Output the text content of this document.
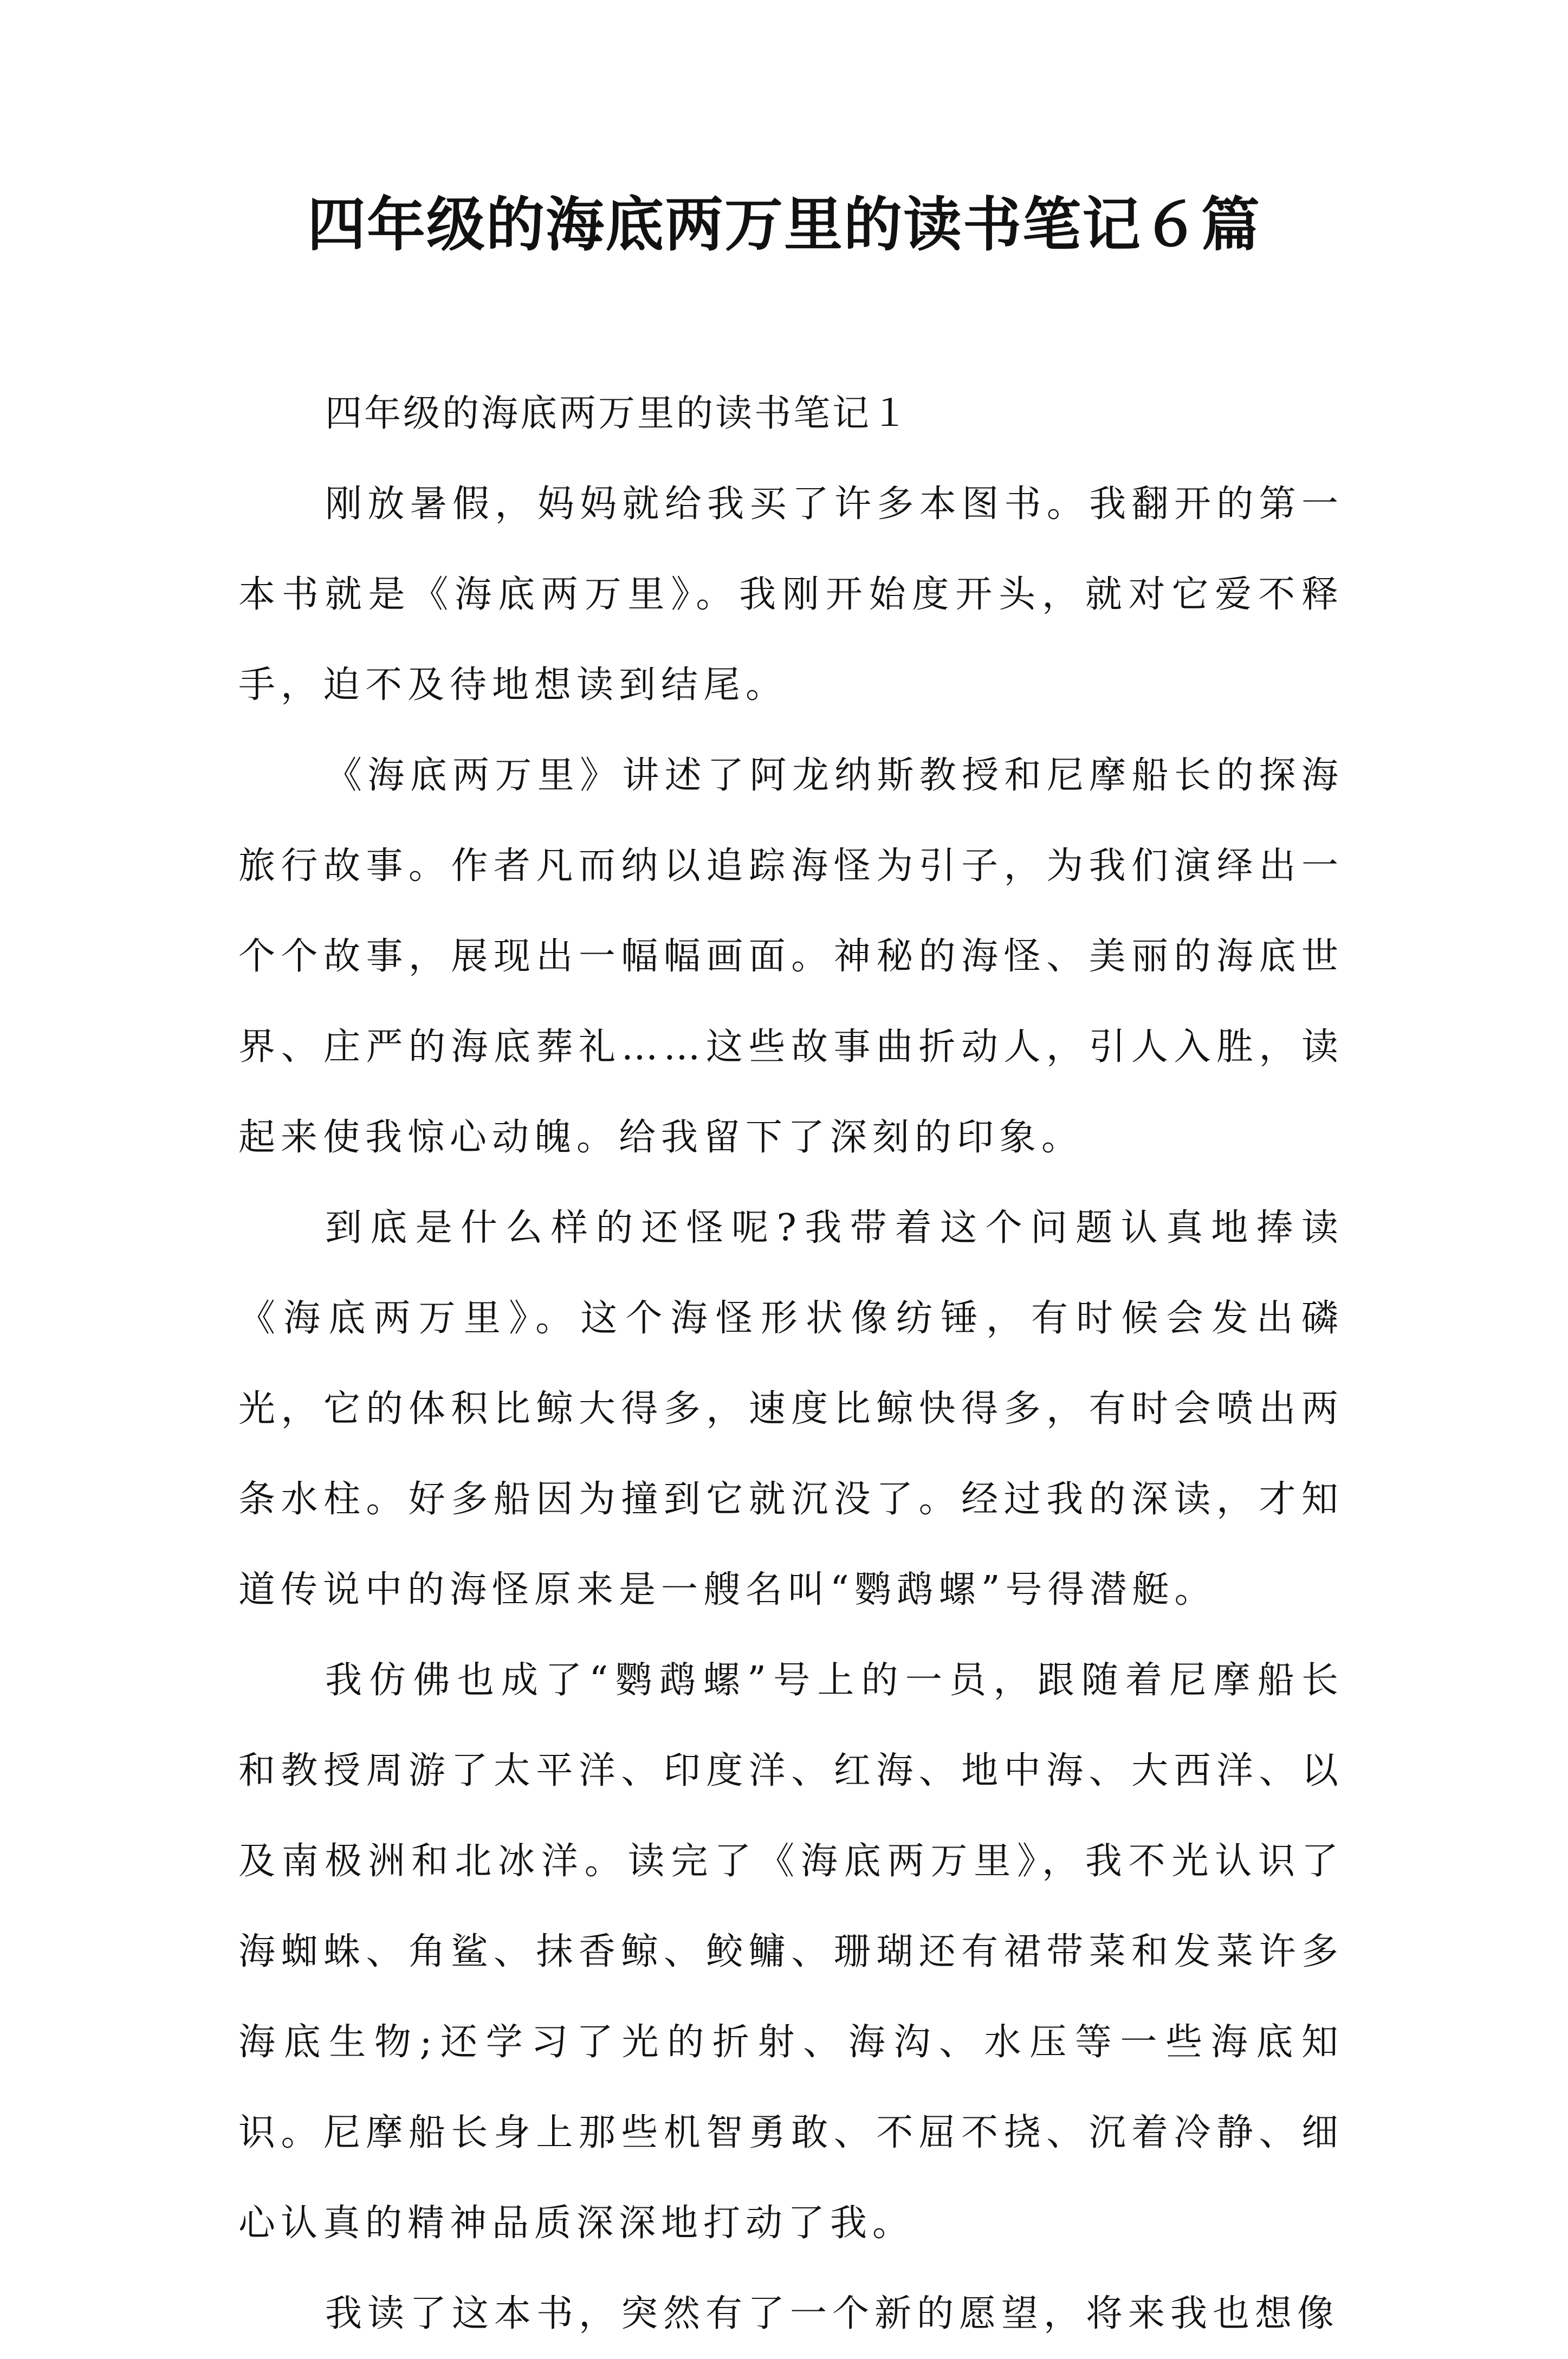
四年级的海底两万里的读书笔记６篇

四年级的海底两万里的读书笔记１

刚放暑假，妈妈就给我买了许多本图书。我翻开的第一本书就是《海底两万里》。我刚开始度开头，就对它爱不释手，迫不及待地想读到结尾。

《海底两万里》讲述了阿龙纳斯教授和尼摩船长的探海旅行故事。作者凡而纳以追踪海怪为引子，为我们演绎出一个个故事，展现出一幅幅画面。神秘的海怪、美丽的海底世界、庄严的海底葬礼……这些故事曲折动人，引人入胜，读起来使我惊心动魄。给我留下了深刻的印象。

到底是什么样的还怪呢?我带着这个问题认真地捧读《海底两万里》。这个海怪形状像纺锤，有时候会发出磷光，它的体积比鲸大得多，速度比鲸快得多，有时会喷出两条水柱。好多船因为撞到它就沉没了。经过我的深读，才知道传说中的海怪原来是一艘名叫“鹦鹉螺”号得潜艇。

我仿佛也成了“鹦鹉螺”号上的一员，跟随着尼摩船长和教授周游了太平洋、印度洋、红海、地中海、大西洋、以及南极洲和北冰洋。读完了《海底两万里》，我不光认识了海蜘蛛、角鲨、抹香鲸、鲛鳙、珊瑚还有裙带菜和发菜许多海底生物;还学习了光的折射、海沟、水压等一些海底知识。尼摩船长身上那些机智勇敢、不屈不挠、沉着冷静、细心认真的精神品质深深地打动了我。

我读了这本书，突然有了一个新的愿望，将来我也想像
